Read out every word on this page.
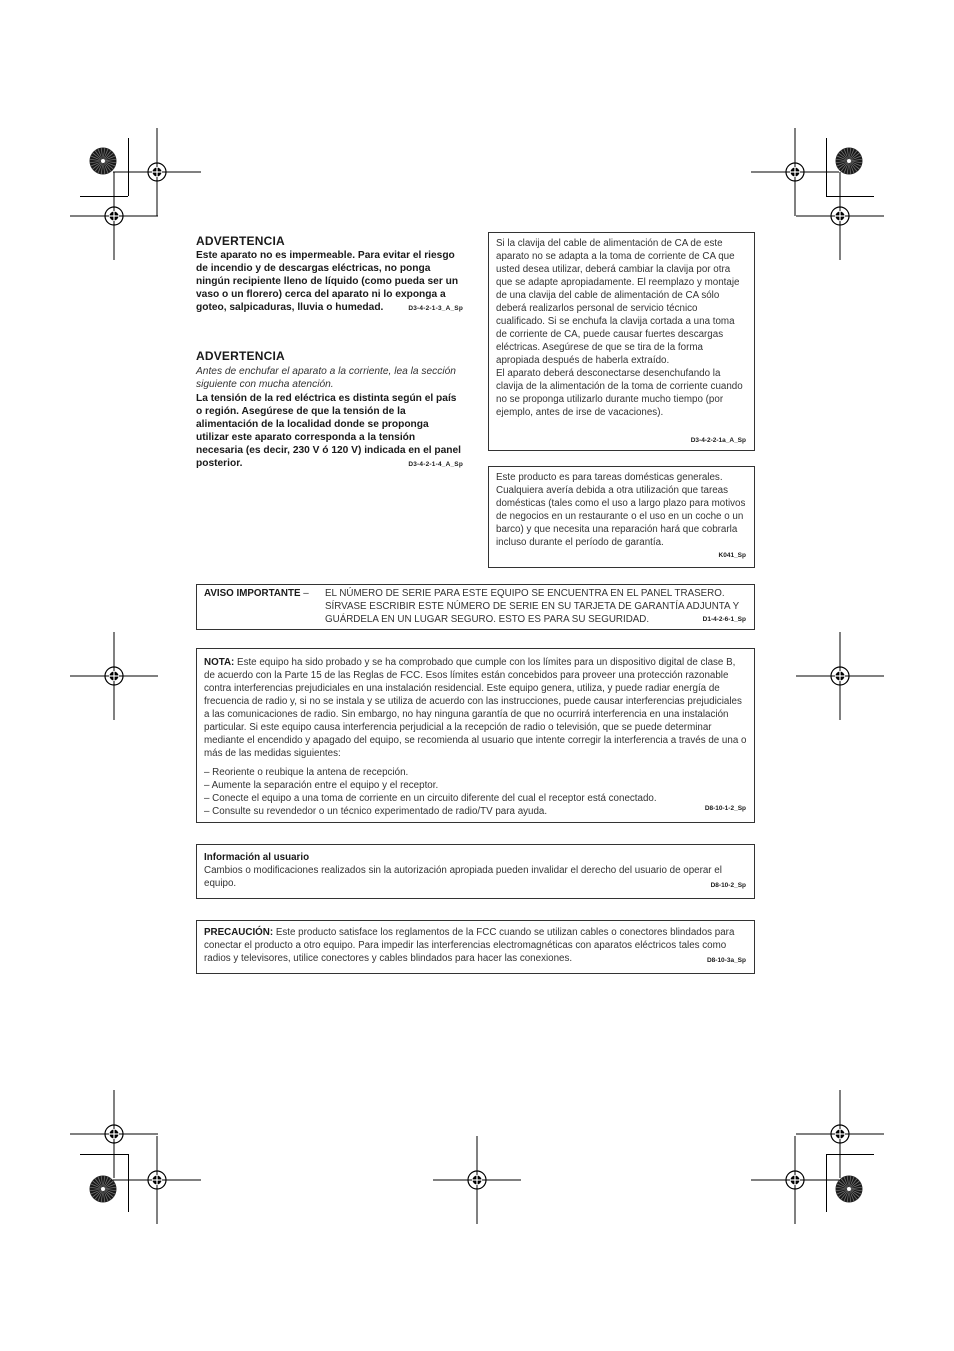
ADVERTENCIA

Este aparato no es impermeable. Para evitar el riesgo de incendio y de descargas eléctricas, no ponga ningún recipiente lleno de líquido (como pueda ser un vaso o un florero) cerca del aparato ni lo exponga a goteo, salpicaduras, lluvia o humedad.	D3-4-2-1-3_A_Sp
ADVERTENCIA

Antes de enchufar el aparato a la corriente, lea la sección siguiente con mucha atención.

La tensión de la red eléctrica es distinta según el país o región. Asegúrese de que la tensión de la alimentación de la localidad donde se proponga utilizar este aparato corresponda a la tensión necesaria (es decir, 230 V ó 120 V) indicada en el panel posterior.	D3-4-2-1-4_A_Sp

Si la clavija del cable de alimentación de CA de este aparato no se adapta a la toma de corriente de CA que usted desea utilizar, deberá cambiar la clavija por otra que se adapte apropiadamente. El reemplazo y montaje de una clavija del cable de alimentación de CA sólo deberá realizarlos personal de servicio técnico cualificado. Si se enchufa la clavija cortada a una toma de corriente de CA, puede causar fuertes descargas eléctricas. Asegúrese de que se tira de la forma apropiada después de haberla extraído.

El aparato deberá desconectarse desenchufando la clavija de la alimentación de la toma de corriente cuando no se proponga utilizarlo durante mucho tiempo (por ejemplo, antes de irse de vacaciones).

D3-4-2-2-1a_A_Sp

Este producto es para tareas domésticas generales. Cualquiera avería debida a otra utilización que tareas domésticas (tales como el uso a largo plazo para motivos de negocios en un restaurante o el uso en un coche o un barco) y que necesita una reparación hará que cobrarla incluso durante el período de garantía.

K041_Sp
AVISO IMPORTANTE – EL NÚMERO DE SERIE PARA ESTE EQUIPO SE ENCUENTRA EN EL PANEL TRASERO. SÍRVASE ESCRIBIR ESTE NÚMERO DE SERIE EN SU TARJETA DE GARANTÍA ADJUNTA Y GUÁRDELA EN UN LUGAR SEGURO. ESTO ES PARA SU SEGURIDAD.	D1-4-2-6-1_Sp

NOTA: Este equipo ha sido probado y se ha comprobado que cumple con los límites para un dispositivo digital de clase B, de acuerdo con la Parte 15 de las Reglas de FCC. Esos límites están concebidos para proveer una protección razonable contra interferencias prejudiciales en una instalación residencial. Este equipo genera, utiliza, y puede radiar energía de frecuencia de radio y, si no se instala y se utiliza de acuerdo con las instrucciones, puede causar interferencias prejudiciales a las comunicaciones de radio. Sin embargo, no hay ninguna garantía de que no ocurrirá interferencia en una instalación particular. Si este equipo causa interferencia perjudicial a la recepción de radio o televisión, que se puede determinar mediante el encendido y apagado del equipo, se recomienda al usuario que intente corregir la interferencia a través de una o más de las medidas siguientes:

– Reoriente o reubique la antena de recepción.

– Aumente la separación entre el equipo y el receptor.

– Conecte el equipo a una toma de corriente en un circuito diferente del cual el receptor está conectado.

– Consulte su revendedor o un técnico experimentado de radio/TV para ayuda.	D8-10-1-2_Sp
Información al usuario

Cambios o modificaciones realizados sin la autorización apropiada pueden invalidar el derecho del usuario de operar el equipo.	D8-10-2_Sp

PRECAUCIÓN: Este producto satisface los reglamentos de la FCC cuando se utilizan cables o conectores blindados para conectar el producto a otro equipo. Para impedir las interferencias electromagnéticas con aparatos eléctricos tales como radios y televisores, utilice conectores y cables blindados para hacer las conexiones.	D8-10-3a_Sp
